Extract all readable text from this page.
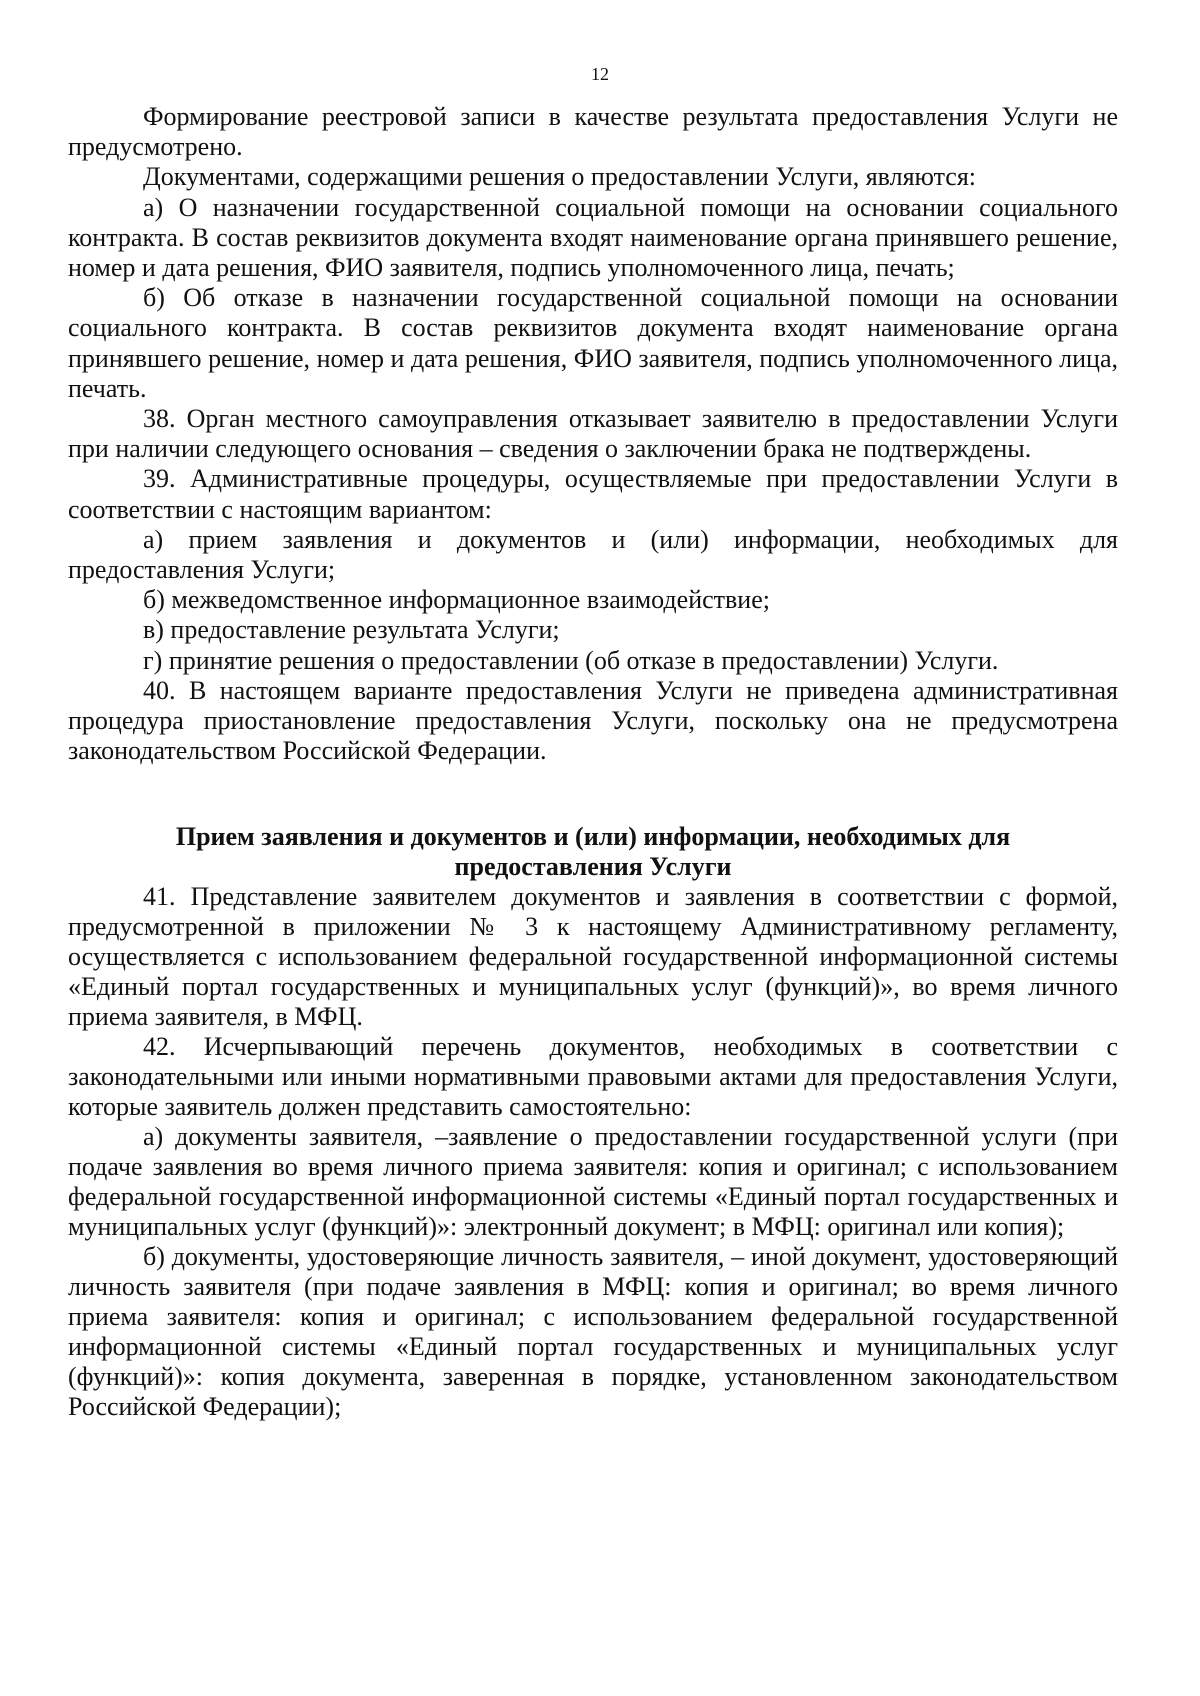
12

Формирование реестровой записи в качестве результата предоставления Услуги не предусмотрено.

Документами, содержащими решения о предоставлении Услуги, являются:

а) О назначении государственной социальной помощи на основании социального контракта. В состав реквизитов документа входят наименование органа принявшего решение, номер и дата решения, ФИО заявителя, подпись уполномоченного лица, печать;

б) Об отказе в назначении государственной социальной помощи на основании социального контракта. В состав реквизитов документа входят наименование органа принявшего решение, номер и дата решения, ФИО заявителя, подпись уполномоченного лица, печать.

38. Орган местного самоуправления отказывает заявителю в предоставлении Услуги при наличии следующего основания – сведения о заключении брака не подтверждены.

39. Административные процедуры, осуществляемые при предоставлении Услуги в соответствии с настоящим вариантом:

а) прием заявления и документов и (или) информации, необходимых для предоставления Услуги;

б) межведомственное информационное взаимодействие;

в) предоставление результата Услуги;

г) принятие решения о предоставлении (об отказе в предоставлении) Услуги.

40. В настоящем варианте предоставления Услуги не приведена административная процедура приостановление предоставления Услуги, поскольку она не предусмотрена законодательством Российской Федерации.

Прием заявления и документов и (или) информации, необходимых для предоставления Услуги

41. Представление заявителем документов и заявления в соответствии с формой, предусмотренной в приложении № 3 к настоящему Административному регламенту, осуществляется с использованием федеральной государственной информационной системы «Единый портал государственных и муниципальных услуг (функций)», во время личного приема заявителя, в МФЦ.

42. Исчерпывающий перечень документов, необходимых в соответствии с законодательными или иными нормативными правовыми актами для предоставления Услуги, которые заявитель должен представить самостоятельно:

а) документы заявителя, –заявление о предоставлении государственной услуги (при подаче заявления во время личного приема заявителя: копия и оригинал; с использованием федеральной государственной информационной системы «Единый портал государственных и муниципальных услуг (функций)»: электронный документ; в МФЦ: оригинал или копия);

б) документы, удостоверяющие личность заявителя, – иной документ, удостоверяющий личность заявителя (при подаче заявления в МФЦ: копия и оригинал; во время личного приема заявителя: копия и оригинал; с использованием федеральной государственной информационной системы «Единый портал государственных и муниципальных услуг (функций)»: копия документа, заверенная в порядке, установленном законодательством Российской Федерации);
